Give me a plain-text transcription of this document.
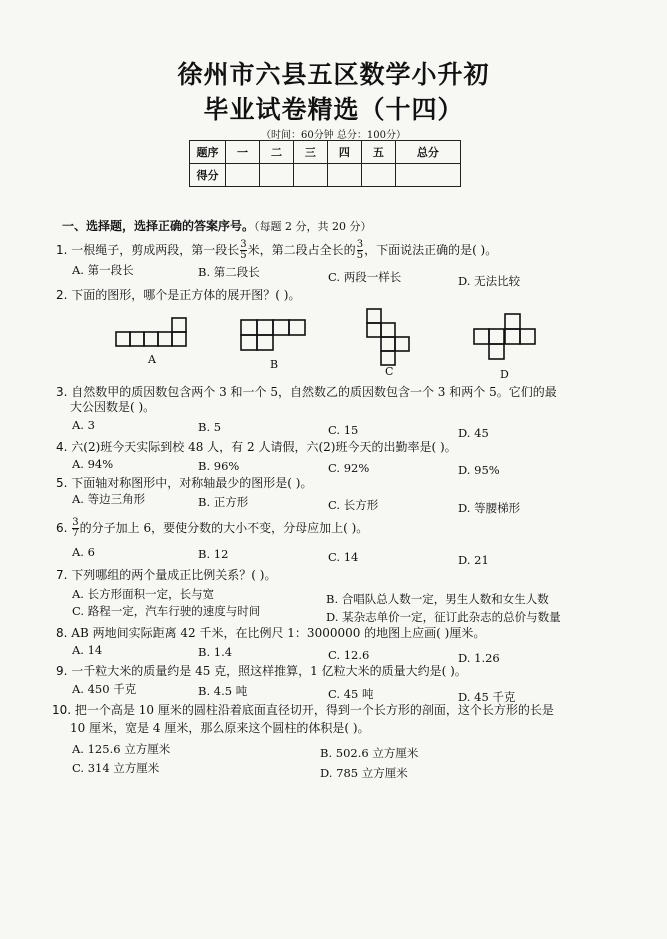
徐州市六县五区数学小升初
毕业试卷精选（十四）
（时间：60分钟 总分：100分）
题序	一	二	三	四	五	总分
得分						
一、选择题，选择正确的答案序号。（每题 2 分，共 20 分）
1. 一根绳子，剪成两段，第一段长 $\frac{3}{5}$ 米，第二段占全长的 $\frac{3}{5}$ ，下面说法正确的是( )。
A. 第一段长	B. 第二段长	C. 两段一样长	D. 无法比较
2. 下面的图形，哪个是正方体的展开图？( )。
A	B
C	D
3. 自然数甲的质因数包含两个 3 和一个 5，自然数乙的质因数包含一个 3 和两个 5。它们的最
大公因数是( )。
A. 3	B. 5	C. 15	D. 45
4. 六(2)班今天实际到校 48 人，有 2 人请假，六(2)班今天的出勤率是( )。
A. 94%	B. 96%	C. 92%	D. 95%
5. 下面轴对称图形中，对称轴最少的图形是( )。
A. 等边三角形	B. 正方形	C. 长方形	D. 等腰梯形
6. $\frac{3}{7}$ 的分子加上 6，要使分数的大小不变，分母应加上( )。
A. 6	B. 12	C. 14	D. 21
7. 下列哪组的两个量成正比例关系？( )。
A. 长方形面积一定，长与宽	B. 合唱队总人数一定，男生人数和女生人数
C. 路程一定，汽车行驶的速度与时间	D. 某杂志单价一定，征订此杂志的总价与数量
8. AB 两地间实际距离 42 千米，在比例尺 1：3000000 的地图上应画( )厘米。
A. 14	B. 1.4	C. 12.6	D. 1.26
9. 一千粒大米的质量约是 45 克，照这样推算，1 亿粒大米的质量大约是( )。
A. 450 千克	B. 4.5 吨	C. 45 吨	D. 45 千克
10. 把一个高是 10 厘米的圆柱沿着底面直径切开，得到一个长方形的剖面，这个长方形的长是
10 厘米，宽是 4 厘米，那么原来这个圆柱的体积是( )。
A. 125.6 立方厘米	B. 502.6 立方厘米
C. 314 立方厘米	D. 785 立方厘米
